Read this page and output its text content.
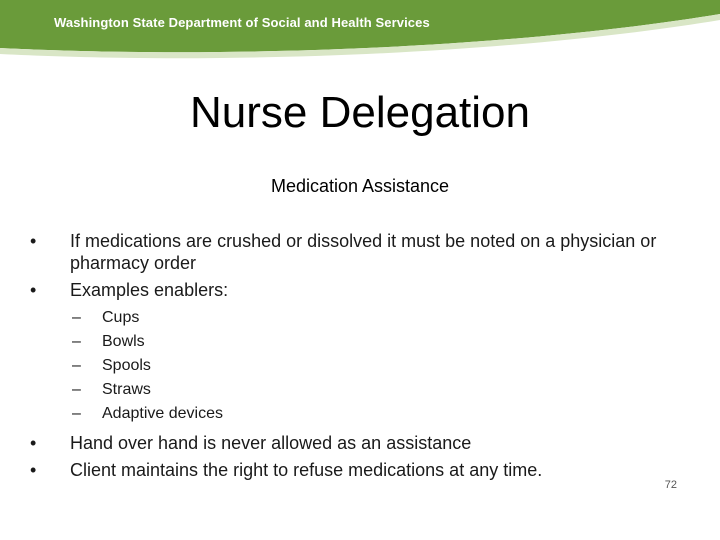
Washington State Department of Social and Health Services
Nurse Delegation
Medication Assistance
• If medications are crushed or dissolved it must be noted on a physician or pharmacy order
• Examples enablers:
– Cups
– Bowls
– Spools
– Straws
– Adaptive devices
• Hand over hand is never allowed as an assistance
• Client maintains the right to refuse medications at any time.
72
